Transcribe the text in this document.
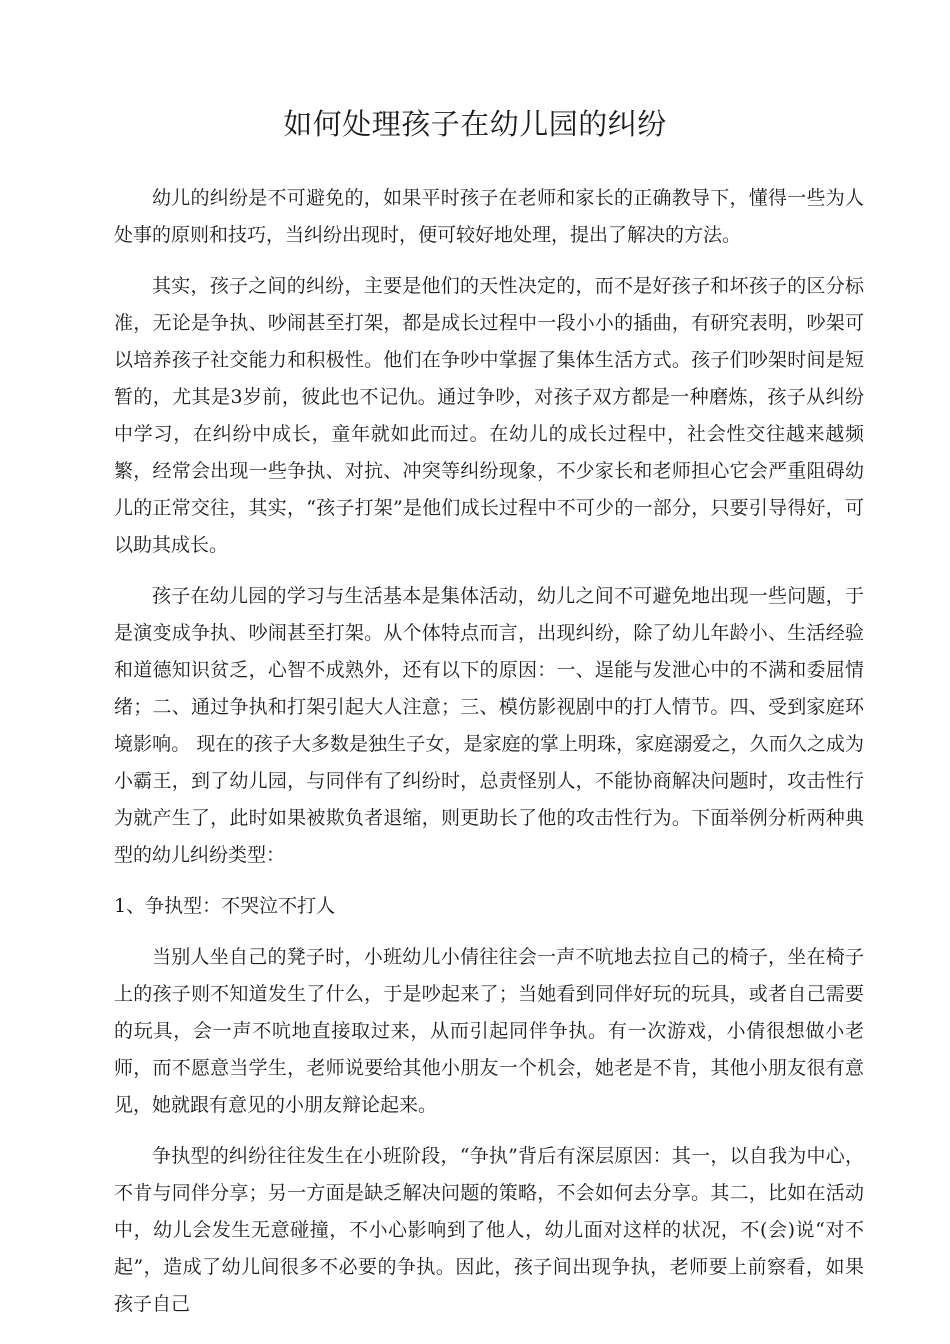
如何处理孩子在幼儿园的纠纷

幼儿的纠纷是不可避免的，如果平时孩子在老师和家长的正确教导下，懂得一些为人处事的原则和技巧，当纠纷出现时，便可较好地处理，提出了解决的方法。

其实，孩子之间的纠纷，主要是他们的天性决定的，而不是好孩子和坏孩子的区分标准，无论是争执、吵闹甚至打架，都是成长过程中一段小小的插曲，有研究表明，吵架可以培养孩子社交能力和积极性。他们在争吵中掌握了集体生活方式。孩子们吵架时间是短暂的，尤其是3岁前，彼此也不记仇。通过争吵，对孩子双方都是一种磨炼，孩子从纠纷中学习，在纠纷中成长，童年就如此而过。在幼儿的成长过程中，社会性交往越来越频繁，经常会出现一些争执、对抗、冲突等纠纷现象，不少家长和老师担心它会严重阻碍幼儿的正常交往，其实，“孩子打架”是他们成长过程中不可少的一部分，只要引导得好，可以助其成长。

孩子在幼儿园的学习与生活基本是集体活动，幼儿之间不可避免地出现一些问题，于是演变成争执、吵闹甚至打架。从个体特点而言，出现纠纷，除了幼儿年龄小、生活经验和道德知识贫乏，心智不成熟外，还有以下的原因：一、逞能与发泄心中的不满和委屈情绪；二、通过争执和打架引起大人注意；三、模仿影视剧中的打人情节。四、受到家庭环境影响。 现在的孩子大多数是独生子女，是家庭的掌上明珠，家庭溺爱之，久而久之成为小霸王，到了幼儿园，与同伴有了纠纷时，总责怪别人，不能协商解决问题时，攻击性行为就产生了，此时如果被欺负者退缩，则更助长了他的攻击性行为。下面举例分析两种典型的幼儿纠纷类型：

1、争执型：不哭泣不打人

当别人坐自己的凳子时，小班幼儿小倩往往会一声不吭地去拉自己的椅子，坐在椅子上的孩子则不知道发生了什么，于是吵起来了；当她看到同伴好玩的玩具，或者自己需要的玩具，会一声不吭地直接取过来，从而引起同伴争执。有一次游戏，小倩很想做小老师，而不愿意当学生，老师说要给其他小朋友一个机会，她老是不肯，其他小朋友很有意见，她就跟有意见的小朋友辩论起来。

争执型的纠纷往往发生在小班阶段，“争执”背后有深层原因：其一，以自我为中心，不肯与同伴分享；另一方面是缺乏解决问题的策略，不会如何去分享。其二，比如在活动中，幼儿会发生无意碰撞，不小心影响到了他人，幼儿面对这样的状况，不(会)说“对不起”，造成了幼儿间很多不必要的争执。因此，孩子间出现争执，老师要上前察看，如果孩子自己
